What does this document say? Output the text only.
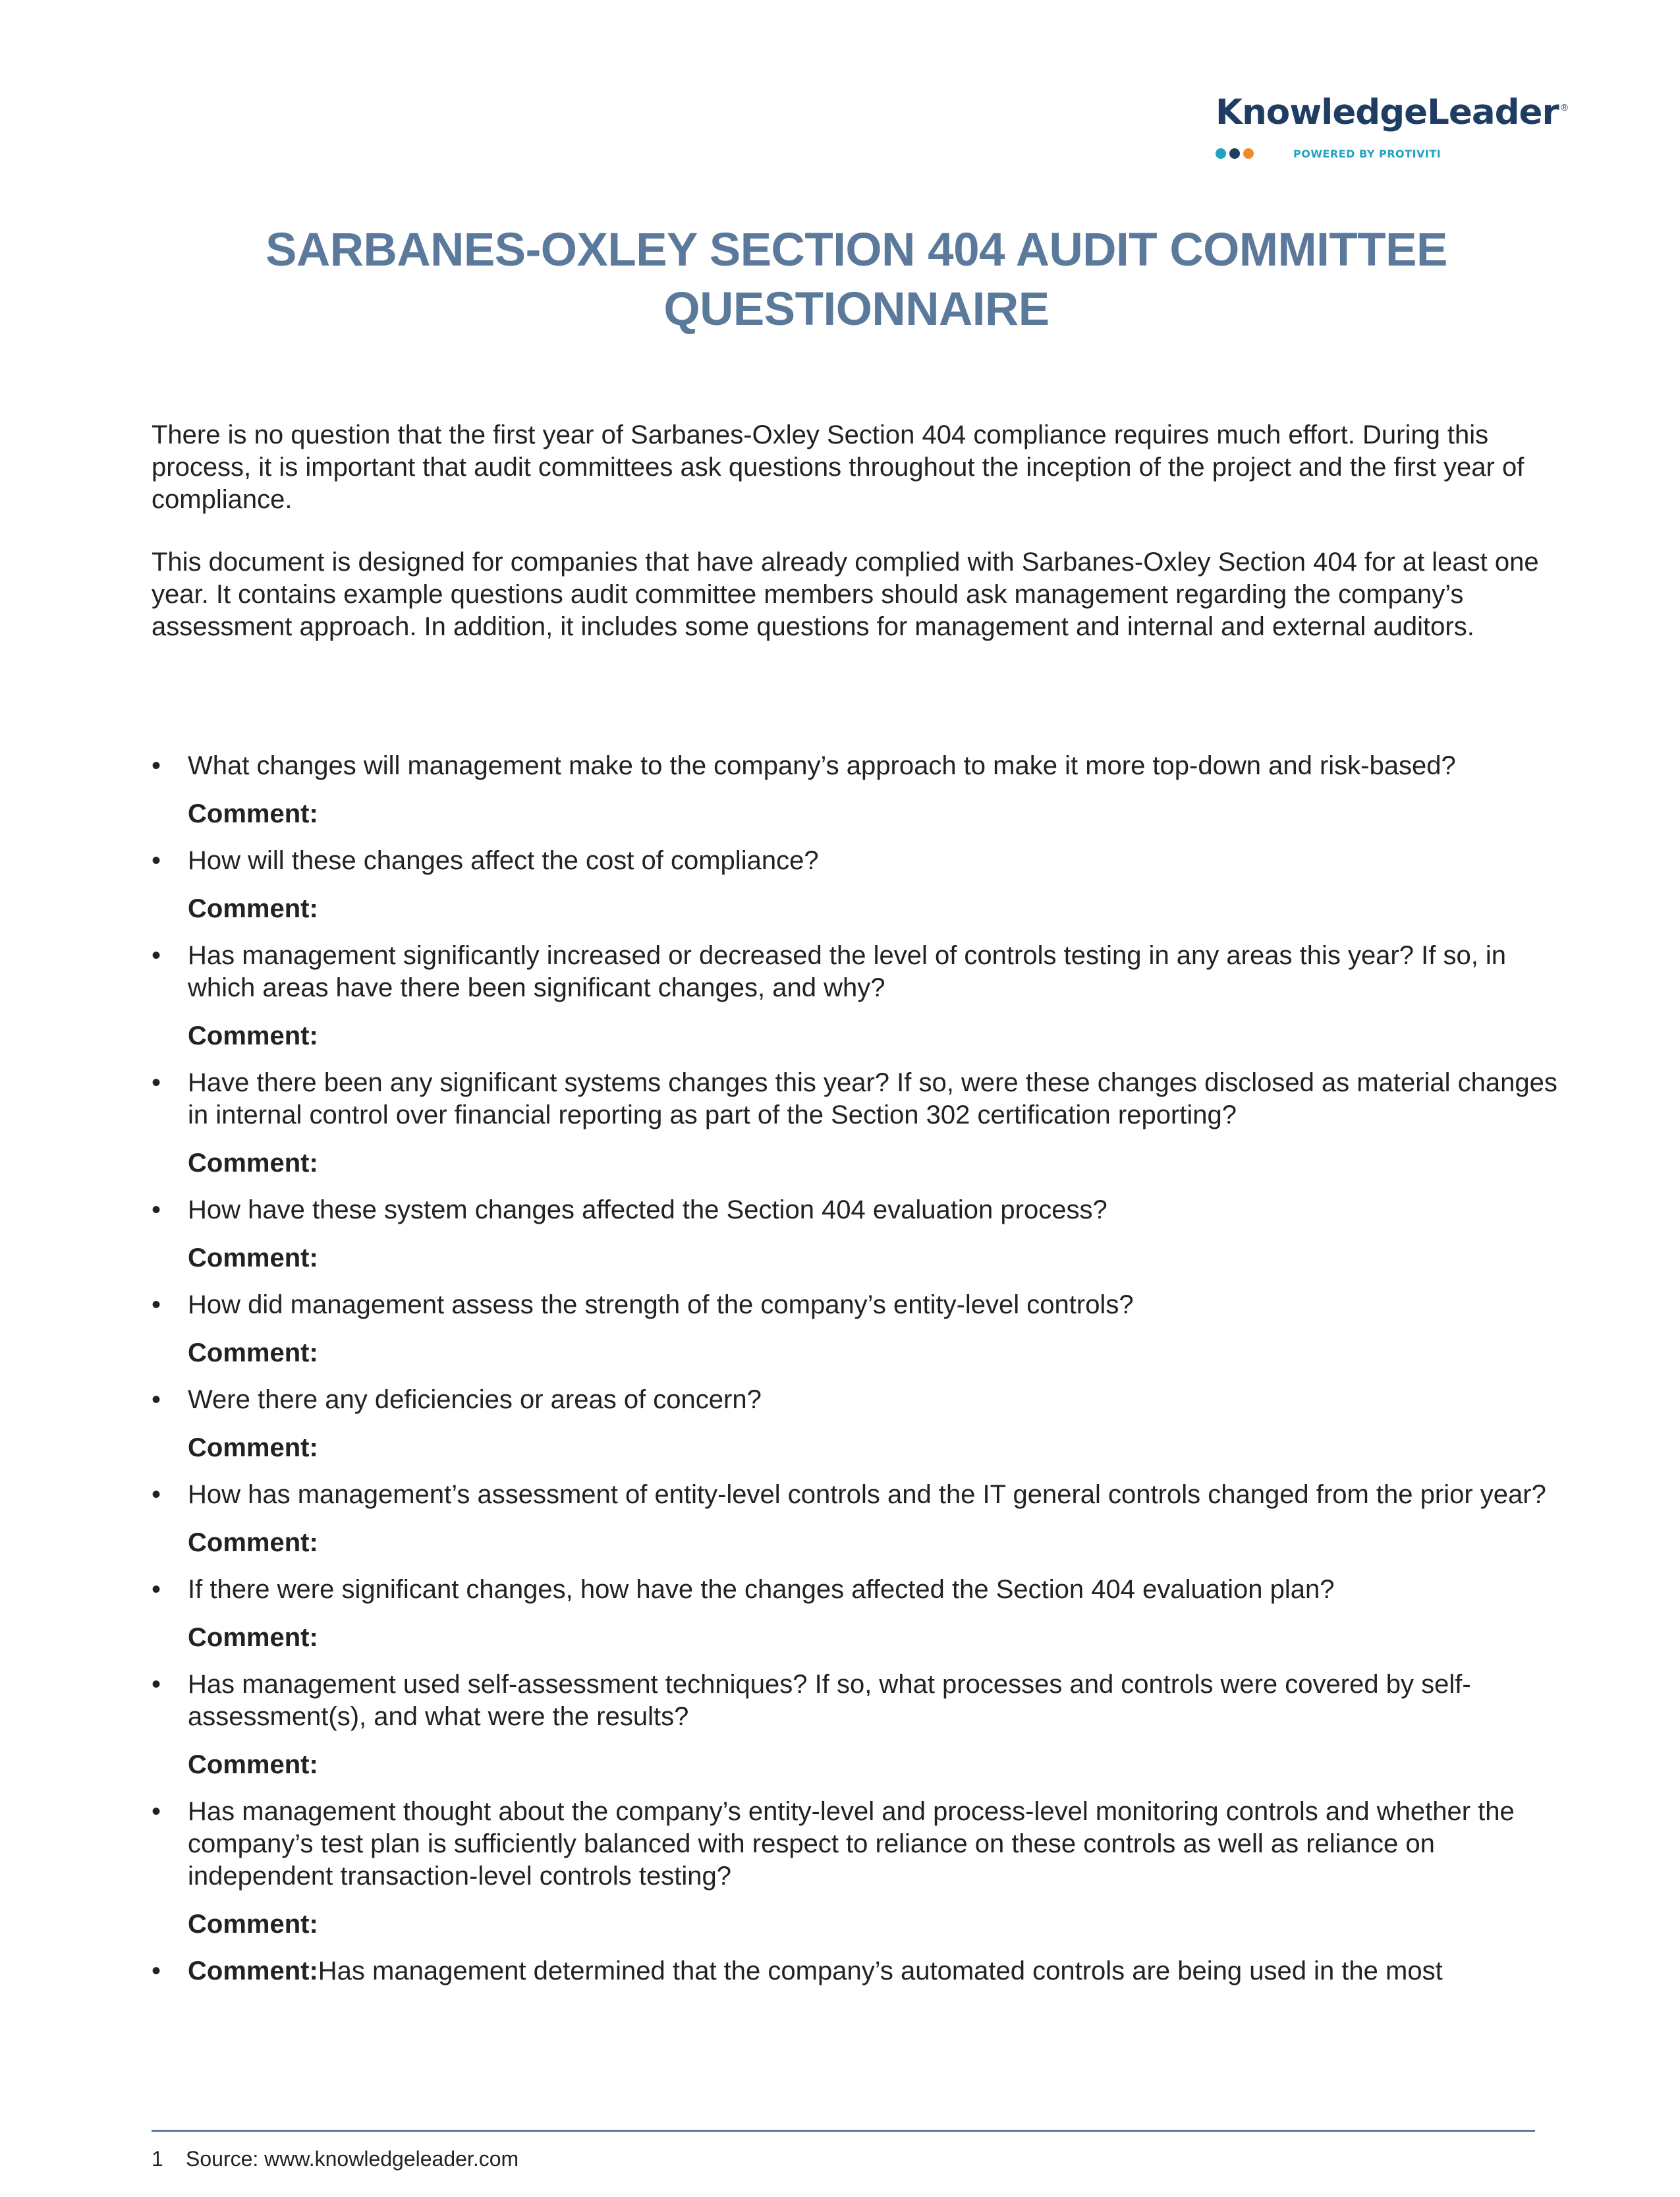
KnowledgeLeader ®
POWERED BY PROTIVITI
SARBANES-OXLEY SECTION 404 AUDIT COMMITTEE QUESTIONNAIRE

There is no question that the first year of Sarbanes-Oxley Section 404 compliance requires much effort. During this process, it is important that audit committees ask questions throughout the inception of the project and the first year of compliance.

This document is designed for companies that have already complied with Sarbanes-Oxley Section 404 for at least one year. It contains example questions audit committee members should ask management regarding the company’s assessment approach. In addition, it includes some questions for management and internal and external auditors.

• What changes will management make to the company’s approach to make it more top-down and risk-based?
Comment:
• How will these changes affect the cost of compliance?
Comment:
• Has management significantly increased or decreased the level of controls testing in any areas this year? If so, in which areas have there been significant changes, and why?
Comment:
• Have there been any significant systems changes this year? If so, were these changes disclosed as material changes in internal control over financial reporting as part of the Section 302 certification reporting?
Comment:
• How have these system changes affected the Section 404 evaluation process?
Comment:
• How did management assess the strength of the company’s entity-level controls?
Comment:
• Were there any deficiencies or areas of concern?
Comment:
• How has management’s assessment of entity-level controls and the IT general controls changed from the prior year?
Comment:
• If there were significant changes, how have the changes affected the Section 404 evaluation plan?
Comment:
• Has management used self-assessment techniques? If so, what processes and controls were covered by self-assessment(s), and what were the results?
Comment:
• Has management thought about the company’s entity-level and process-level monitoring controls and whether the company’s test plan is sufficiently balanced with respect to reliance on these controls as well as reliance on independent transaction-level controls testing?
Comment:
• Comment:Has management determined that the company’s automated controls are being used in the most
1 Source: www.knowledgeleader.com
